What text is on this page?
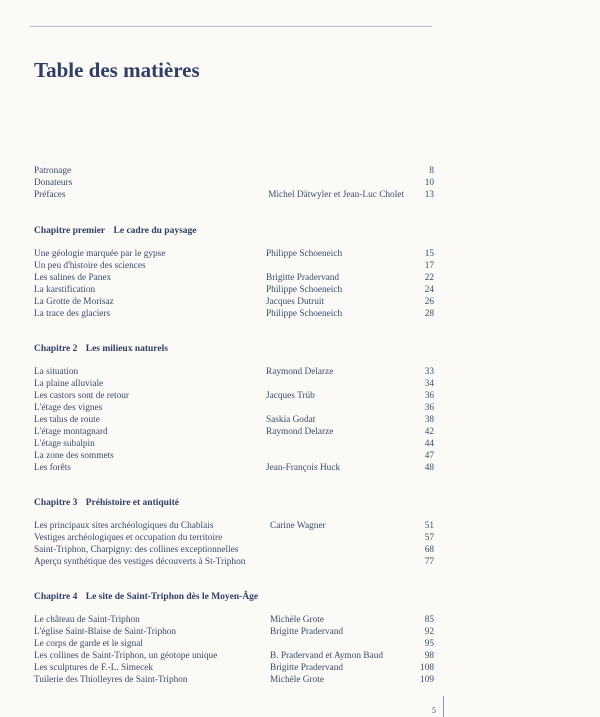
Table des matières
Patronage	8
Donateurs	10
Préfaces	Michel Dätwyler et Jean-Luc Cholet 13
Chapitre premier Le cadre du paysage
Une géologie marquée par le gypse	Philippe Schoeneich	15
Un peu d'histoire des sciences	17
Les salines de Panex	Brigitte Pradervand	22
La karstification	Philippe Schoeneich	24
La Grotte de Morisaz	Jacques Dutruit	26
La trace des glaciers	Philippe Schoeneich	28
Chapitre 2 Les milieux naturels
La situation	Raymond Delarze	33
La plaine alluviale	34
Les castors sont de retour	Jacques Trüb	36
L'étage des vignes	36
Les talus de route	Saskia Godat	38
L'étage montagnard	Raymond Delarze	42
L'étage subalpin	44
La zone des sommets	47
Les forêts	Jean-François Huck	48
Chapitre 3 Préhistoire et antiquité
Les principaux sites archéologiques du Chablais	Carine Wagner	51
Vestiges archéologiques et occupation du territoire	57
Saint-Triphon, Charpigny: des collines exceptionnelles	68
Aperçu synthétique des vestiges découverts à St-Triphon	77
Chapitre 4 Le site de Saint-Triphon dès le Moyen-Âge
Le château de Saint-Triphon	Michèle Grote	85
L'église Saint-Blaise de Saint-Triphon	Brigitte Pradervand	92
Le corps de garde et le signal	95
Les collines de Saint-Triphon, un géotope unique	B. Pradervand et Aymon Baud	98
Les sculptures de F.-L. Simecek	Brigitte Pradervand	108
Tuilerie des Thiolleyres de Saint-Triphon	Michèle Grote	109
5
